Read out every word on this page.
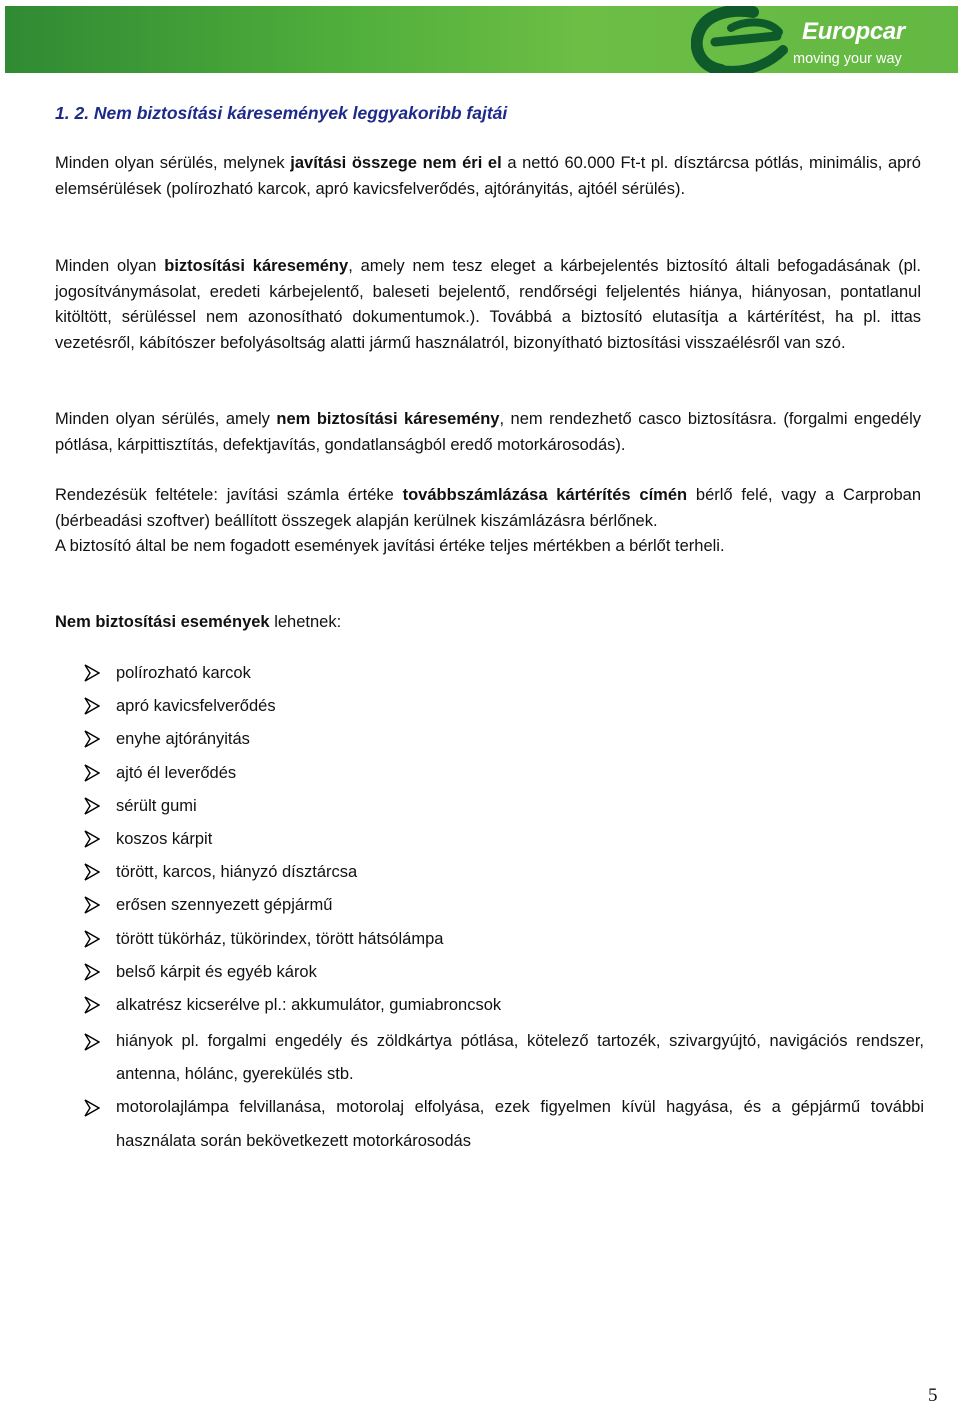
Europcar
moving your way
1. 2. Nem biztosítási káresemények leggyakoribb fajtái
Minden olyan sérülés, melynek javítási összege nem éri el a nettó 60.000 Ft-t pl. dísztárcsa pótlás, minimális, apró elemsérülések (polírozható karcok, apró kavicsfelverődés, ajtórányitás, ajtóél sérülés).
Minden olyan biztosítási káresemény, amely nem tesz eleget a kárbejelentés biztosító általi befogadásának (pl. jogosítványmásolat, eredeti kárbejelentő, baleseti bejelentő, rendőrségi feljelentés hiánya, hiányosan, pontatlanul kitöltött, sérüléssel nem azonosítható dokumentumok.). Továbbá a biztosító elutasítja a kártérítést, ha pl. ittas vezetésről, kábítószer befolyásoltság alatti jármű használatról, bizonyítható biztosítási visszaélésről van szó.
Minden olyan sérülés, amely nem biztosítási káresemény, nem rendezhető casco biztosításra. (forgalmi engedély pótlása, kárpittisztítás, defektjavítás, gondatlanságból eredő motorkárosodás).
Rendezésük feltétele: javítási számla értéke továbbszámlázása kártérítés címén bérlő felé, vagy a Carproban (bérbeadási szoftver) beállított összegek alapján kerülnek kiszámlázásra bérlőnek.
A biztosító által be nem fogadott események javítási értéke teljes mértékben a bérlőt terheli.
Nem biztosítási események lehetnek:
polírozható karcok
apró kavicsfelverődés
enyhe ajtórányitás
ajtó él leverődés
sérült gumi
koszos kárpit
törött, karcos, hiányzó dísztárcsa
erősen szennyezett gépjármű
törött tükörház, tükörindex, törött hátsólámpa
belső kárpit és egyéb károk
alkatrész kicserélve pl.: akkumulátor, gumiabroncsok
hiányok pl. forgalmi engedély és zöldkártya pótlása, kötelező tartozék, szivargyújtó, navigációs rendszer, antenna, hólánc, gyerekülés stb.
motorolajlámpa felvillanása, motorolaj elfolyása, ezek figyelmen kívül hagyása, és a gépjármű további használata során bekövetkezett motorkárosodás
5
